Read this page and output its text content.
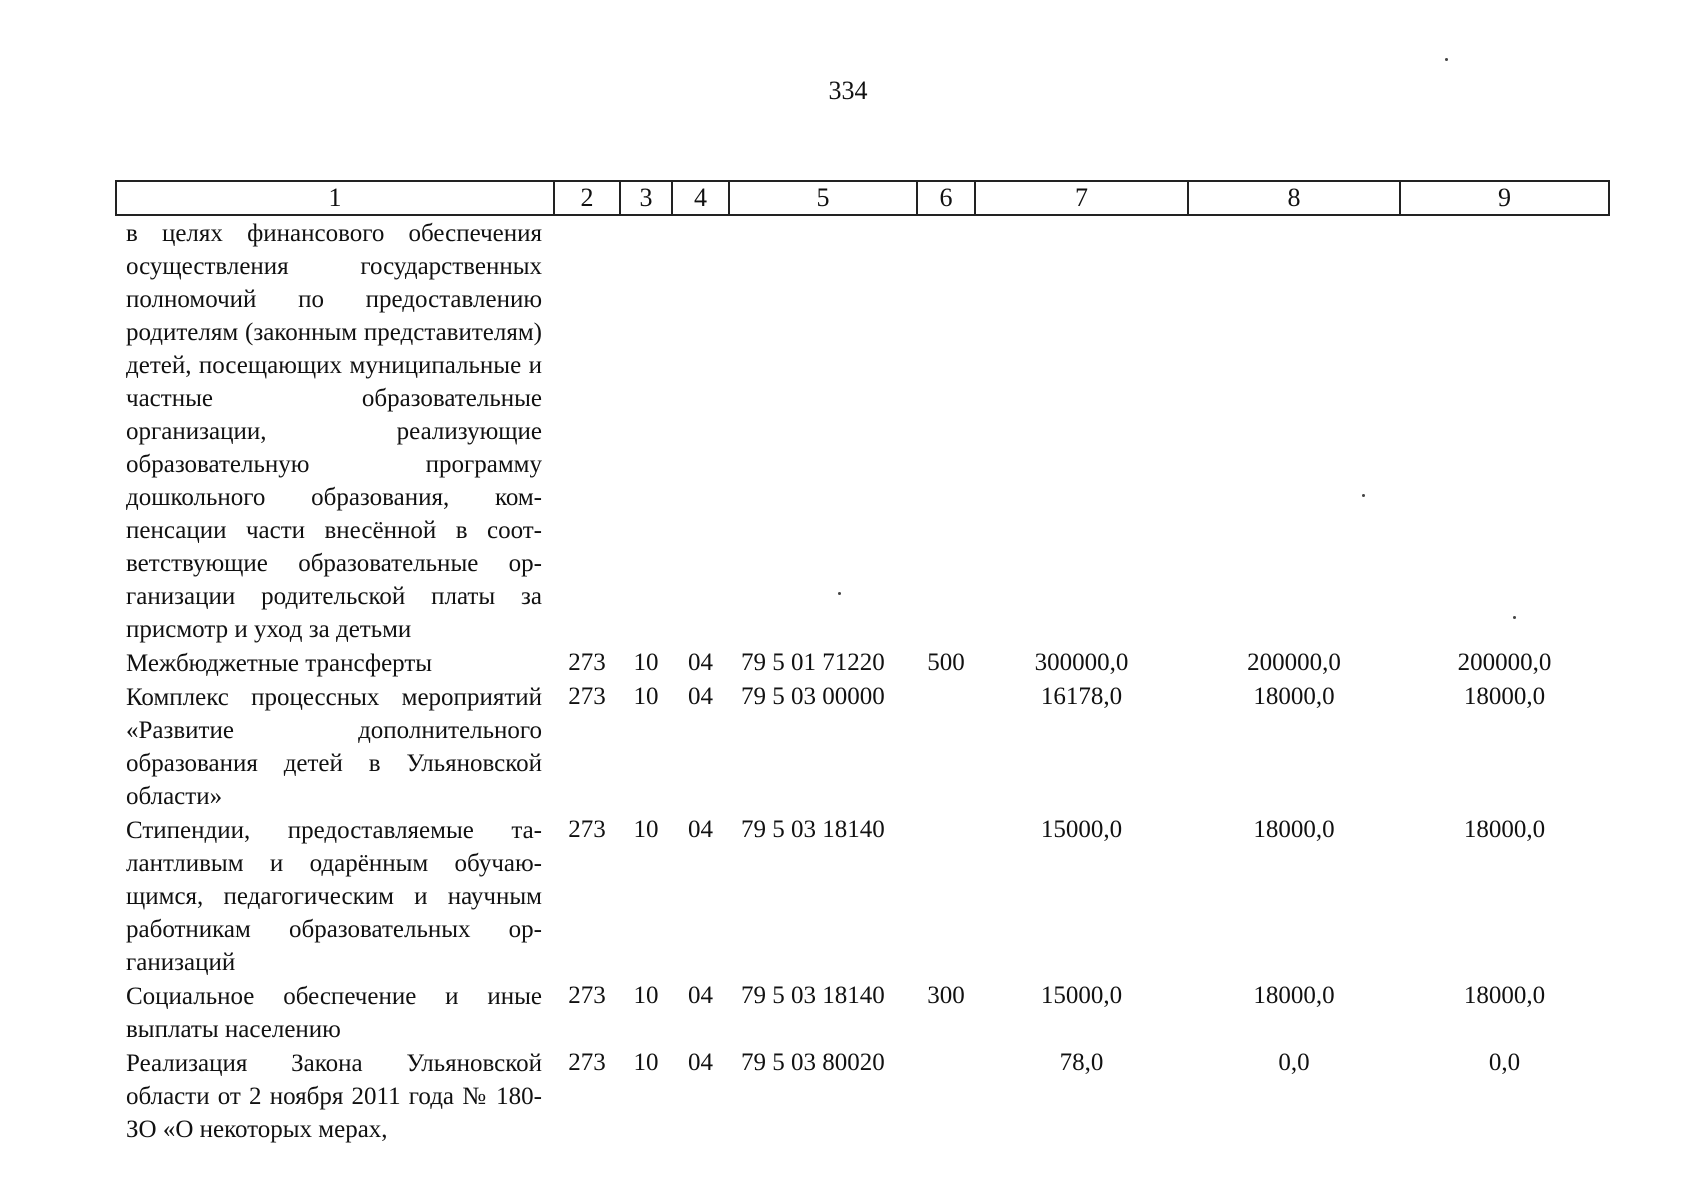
334
1	2	3	4	5	6	7	8	9
в целях финансового обеспечения осуществления государственных полномочий по предоставлению родителям (законным представителям) детей, посещающих муниципальные и частные образовательные организации, реализующие образовательную программу дошкольного образования, компенсации части внесённой в соответствующие образовательные организации родительской платы за присмотр и уход за детьми								
Межбюджетные трансферты	273	10	04	79 5 01 71220	500	300000,0	200000,0	200000,0
Комплекс процессных мероприятий «Развитие дополнительного образования детей в Ульяновской области»	273	10	04	79 5 03 00000		16178,0	18000,0	18000,0
Стипендии, предоставляемые талантливым и одарённым обучающимся, педагогическим и научным работникам образовательных организаций	273	10	04	79 5 03 18140		15000,0	18000,0	18000,0
Социальное обеспечение и иные выплаты населению	273	10	04	79 5 03 18140	300	15000,0	18000,0	18000,0
Реализация Закона Ульяновской области от 2 ноября 2011 года № 180-ЗО «О некоторых мерах,	273	10	04	79 5 03 80020		78,0	0,0	0,0
